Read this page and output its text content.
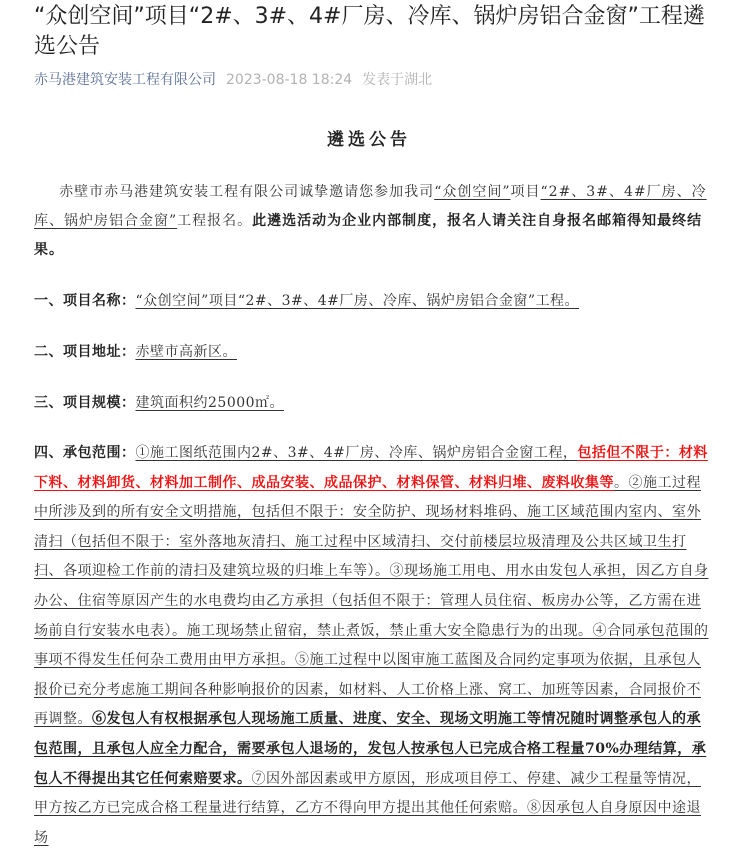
“众创空间”项目“2#、3#、4#厂房、冷库、锅炉房铝合金窗”工程遴选公告
赤马港建筑安装工程有限公司 2023-08-18 18:24 发表于湖北
遴选公告

赤壁市赤马港建筑安装工程有限公司诚挚邀请您参加我司“众创空间”项目“2#、3#、4#厂房、冷库、锅炉房铝合金窗”工程报名。此遴选活动为企业内部制度，报名人请关注自身报名邮箱得知最终结果。

一、项目名称：“众创空间”项目“2#、3#、4#厂房、冷库、锅炉房铝合金窗”工程。

二、项目地址：赤壁市高新区。

三、项目规模：建筑面积约25000㎡。

四、承包范围：①施工图纸范围内2#、3#、4#厂房、冷库、锅炉房铝合金窗工程，包括但不限于：材料下料、材料卸货、材料加工制作、成品安装、成品保护、材料保管、材料归堆、废料收集等。②施工过程中所涉及到的所有安全文明措施，包括但不限于：安全防护、现场材料堆码、施工区域范围内室内、室外清扫（包括但不限于：室外落地灰清扫、施工过程中区域清扫、交付前楼层垃圾清理及公共区域卫生打扫、各项迎检工作前的清扫及建筑垃圾的归堆上车等）。③现场施工用电、用水由发包人承担，因乙方自身办公、住宿等原因产生的水电费均由乙方承担（包括但不限于：管理人员住宿、板房办公等，乙方需在进场前自行安装水电表）。施工现场禁止留宿，禁止煮饭，禁止重大安全隐患行为的出现。④合同承包范围的事项不得发生任何杂工费用由甲方承担。⑤施工过程中以图审施工蓝图及合同约定事项为依据，且承包人报价已充分考虑施工期间各种影响报价的因素，如材料、人工价格上涨、窝工、加班等因素，合同报价不再调整。⑥发包人有权根据承包人现场施工质量、进度、安全、现场文明施工等情况随时调整承包人的承包范围，且承包人应全力配合，需要承包人退场的，发包人按承包人已完成合格工程量70%办理结算，承包人不得提出其它任何索赔要求。⑦因外部因素或甲方原因，形成项目停工、停建、减少工程量等情况，甲方按乙方已完成合格工程量进行结算，乙方不得向甲方提出其他任何索赔。⑧因承包人自身原因中途退场
